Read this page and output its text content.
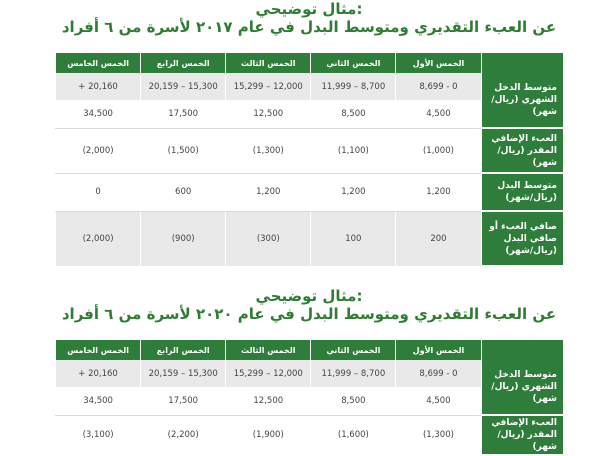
مثال توضيحي:

عن العبء التقديري ومتوسط البدل في عام ٢٠١٧ لأسرة من ٦ أفراد

	الخمس الأول	الخمس الثاني	الخمس الثالث	الخمس الرابع	الخمس الخامس
متوسط الدخل الشهري (ريال/شهر)	0 - 8,699	8,700 – 11,999	12,000 – 15,299	15,300 – 20,159	20,160 +
	4,500	8,500	12,500	17,500	34,500
العبء الإضافي المقدر (ريال/شهر)	(1,000)	(1,100)	(1,300)	(1,500)	(2,000)
متوسط البدل (ريال/شهر)	1,200	1,200	1,200	600	0
صافي العبء أو صافي البدل (ريال/شهر)	200	100	(300)	(900)	(2,000)

مثال توضيحي:

عن العبء التقديري ومتوسط البدل في عام ٢٠٢٠ لأسرة من ٦ أفراد

	الخمس الأول	الخمس الثاني	الخمس الثالث	الخمس الرابع	الخمس الخامس
متوسط الدخل الشهري (ريال/شهر)	0 - 8,699	8,700 – 11,999	12,000 – 15,299	15,300 – 20,159	20,160 +
	4,500	8,500	12,500	17,500	34,500
العبء الإضافي المقدر (ريال/شهر)	(1,300)	(1,600)	(1,900)	(2,200)	(3,100)
